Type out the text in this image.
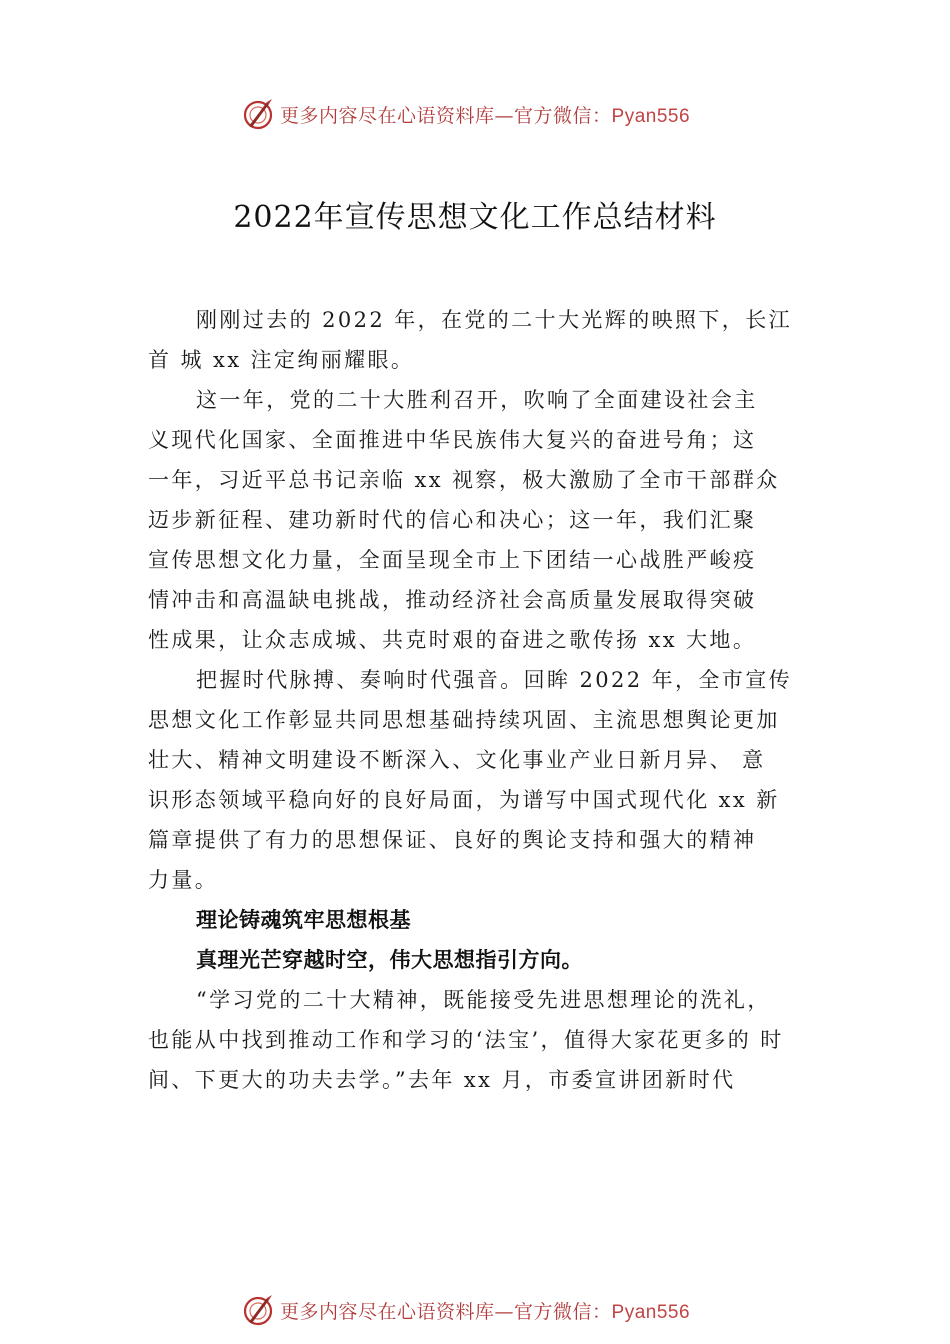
更多内容尽在心语资料库—官方微信：Pyan556
2022年宣传思想文化工作总结材料
刚刚过去的 2022 年，在党的二十大光辉的映照下，长江
首 城 xx 注定绚丽耀眼。
这一年，党的二十大胜利召开，吹响了全面建设社会主
义现代化国家、全面推进中华民族伟大复兴的奋进号角；这
一年，习近平总书记亲临 xx 视察，极大激励了全市干部群众
迈步新征程、建功新时代的信心和决心；这一年，我们汇聚
宣传思想文化力量，全面呈现全市上下团结一心战胜严峻疫
情冲击和高温缺电挑战，推动经济社会高质量发展取得突破
性成果，让众志成城、共克时艰的奋进之歌传扬 xx 大地。
把握时代脉搏、奏响时代强音。回眸 2022 年，全市宣传
思想文化工作彰显共同思想基础持续巩固、主流思想舆论更加
壮大、精神文明建设不断深入、文化事业产业日新月异、 意
识形态领域平稳向好的良好局面，为谱写中国式现代化 xx 新
篇章提供了有力的思想保证、良好的舆论支持和强大的精神
力量。
理论铸魂筑牢思想根基
真理光芒穿越时空，伟大思想指引方向。
“学习党的二十大精神，既能接受先进思想理论的洗礼，
也能从中找到推动工作和学习的‘法宝’，值得大家花更多的 时
间、下更大的功夫去学。”去年 xx 月，市委宣讲团新时代
更多内容尽在心语资料库—官方微信：Pyan556
